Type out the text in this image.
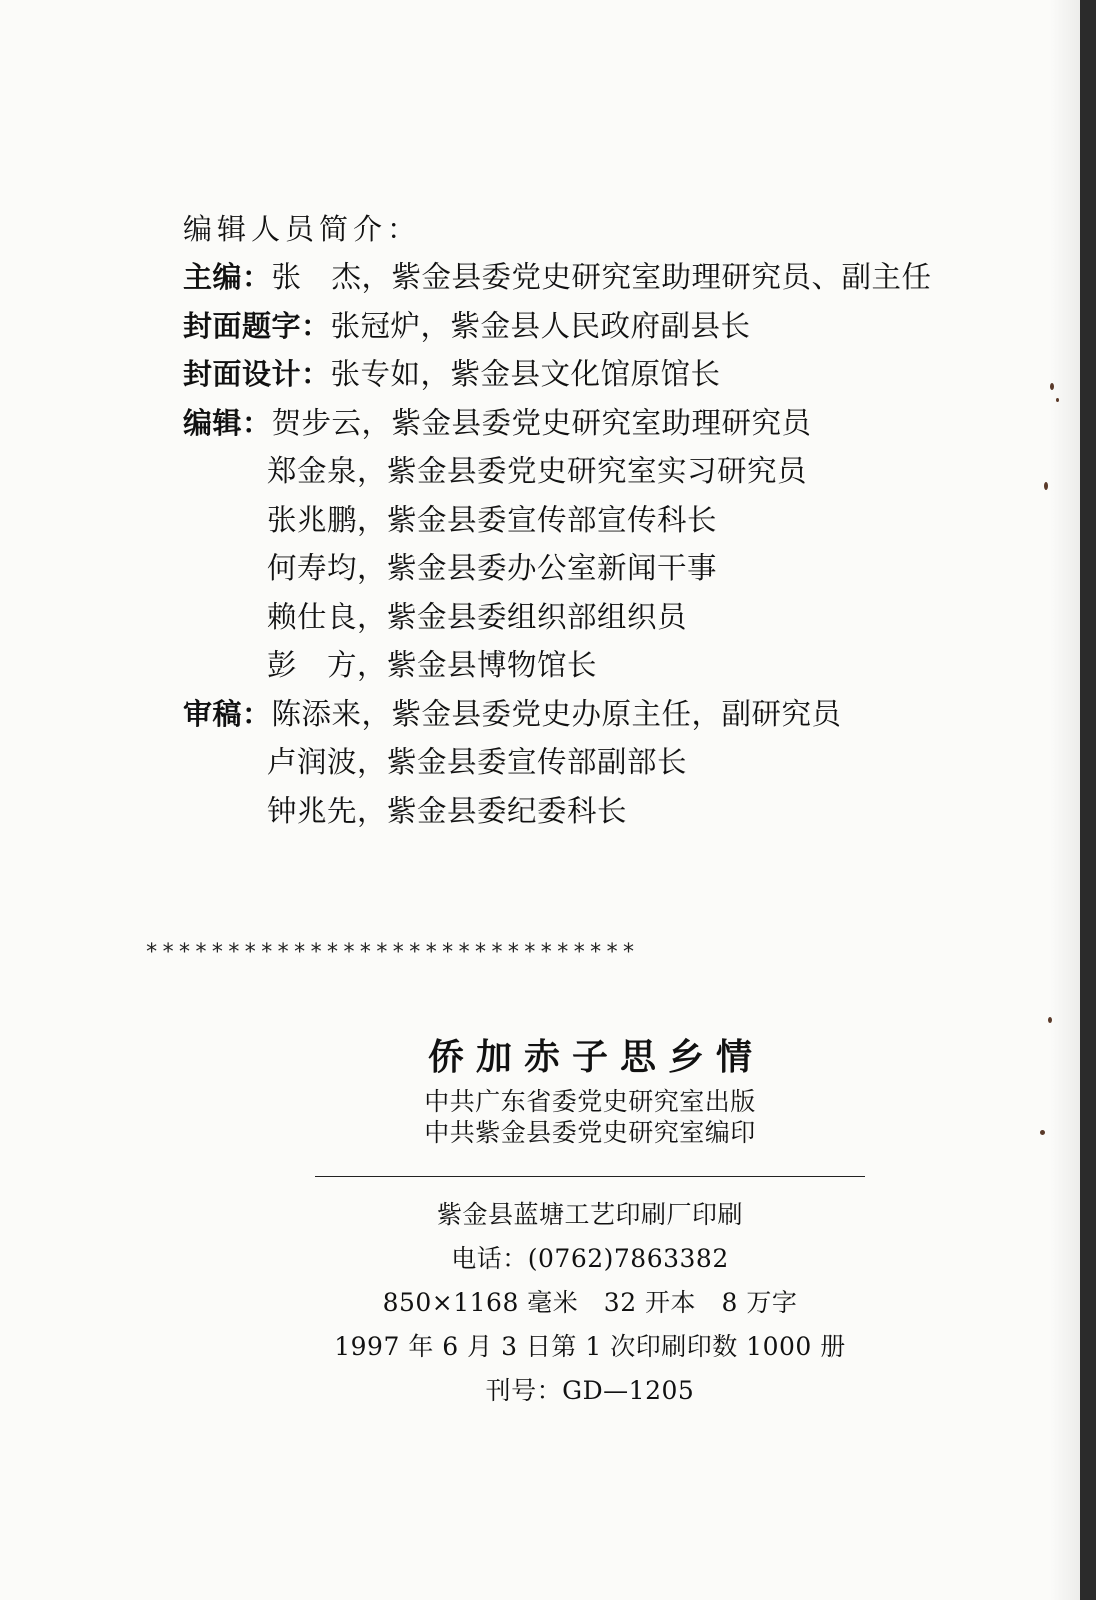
编辑人员简介：
主编： 张　杰，紫金县委党史研究室助理研究员、副主任
封面题字： 张冠炉，紫金县人民政府副县长
封面设计： 张专如，紫金县文化馆原馆长
编辑： 贺步云，紫金县委党史研究室助理研究员
郑金泉，紫金县委党史研究室实习研究员
张兆鹏，紫金县委宣传部宣传科长
何寿均，紫金县委办公室新闻干事
赖仕良，紫金县委组织部组织员
彭　方，紫金县博物馆长
审稿： 陈添来，紫金县委党史办原主任，副研究员
卢润波，紫金县委宣传部副部长
钟兆先，紫金县委纪委科长
******************************
侨加赤子思乡情
中共广东省委党史研究室出版
中共紫金县委党史研究室编印
紫金县蓝塘工艺印刷厂印刷
电话：(0762)7863382
850×1168 毫米　32 开本　8 万字
1997 年 6 月 3 日第 1 次印刷印数 1000 册
刊号：GD—1205
